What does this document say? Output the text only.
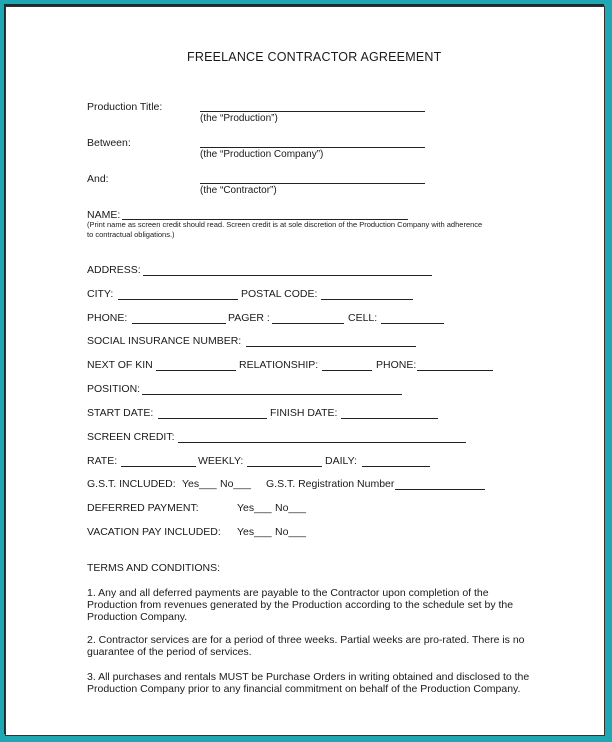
FREELANCE CONTRACTOR AGREEMENT
Production Title:
(the “Production”)
Between:
(the “Production Company”)
And:
(the “Contractor”)
NAME:
(Print name as screen credit should read. Screen credit is at sole discretion of the Production Company with adherence
to contractual obligations.)
ADDRESS:
CITY:	POSTAL CODE:
PHONE:	PAGER :	CELL:
SOCIAL INSURANCE NUMBER:
NEXT OF KIN	RELATIONSHIP:	PHONE:
POSITION:
START DATE:	FINISH DATE:
SCREEN CREDIT:
RATE:	WEEKLY:	DAILY:
G.S.T. INCLUDED: Yes___ No___ G.S.T. Registration Number
DEFERRED PAYMENT:	Yes___ No___
VACATION PAY INCLUDED: Yes___ No___
TERMS AND CONDITIONS:
1. Any and all deferred payments are payable to the Contractor upon completion of the
Production from revenues generated by the Production according to the schedule set by the
Production Company.
2. Contractor services are for a period of three weeks. Partial weeks are pro-rated. There is no
guarantee of the period of services.
3. All purchases and rentals MUST be Purchase Orders in writing obtained and disclosed to the
Production Company prior to any financial commitment on behalf of the Production Company.
